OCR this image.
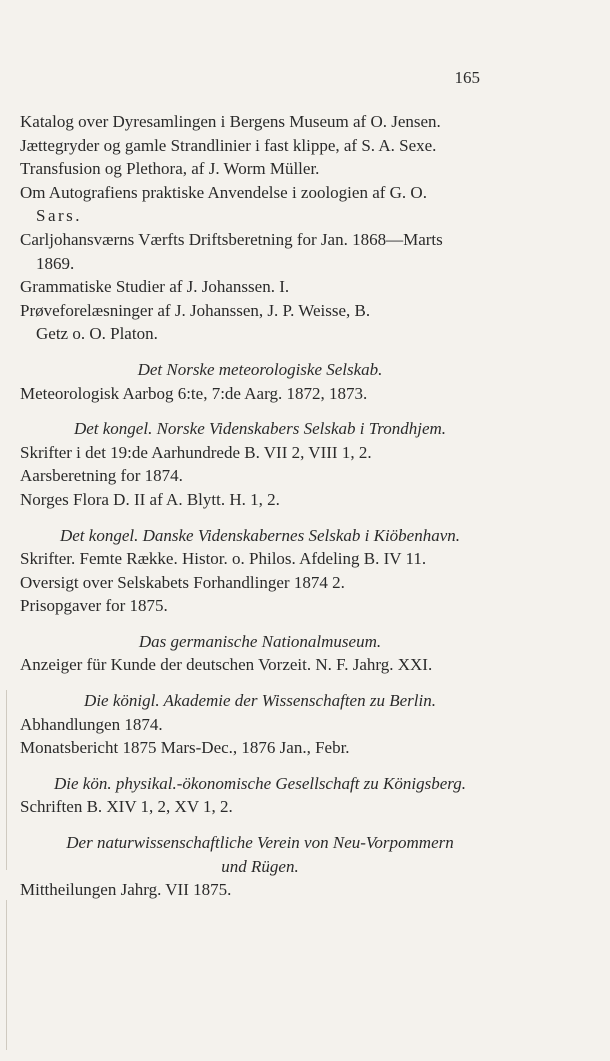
165
Katalog over Dyresamlingen i Bergens Museum af O. Jensen.
Jættegryder og gamle Strandlinier i fast klippe, af S. A. Sexe.
Transfusion og Plethora, af J. Worm Müller.
Om Autografiens praktiske Anvendelse i zoologien af G. O.
Sars.
Carljohansværns Værfts Driftsberetning for Jan. 1868—Marts
1869.
Grammatiske Studier af J. Johanssen. I.
Prøveforelæsninger af J. Johanssen, J. P. Weisse, B.
Getz o. O. Platon.
Det Norske meteorologiske Selskab.
Meteorologisk Aarbog 6:te, 7:de Aarg. 1872, 1873.
Det kongel. Norske Videnskabers Selskab i Trondhjem.
Skrifter i det 19:de Aarhundrede B. VII 2, VIII 1, 2.
Aarsberetning for 1874.
Norges Flora D. II af A. Blytt. H. 1, 2.
Det kongel. Danske Videnskabernes Selskab i Kiöbenhavn.
Skrifter. Femte Række. Histor. o. Philos. Afdeling B. IV 11.
Oversigt over Selskabets Forhandlinger 1874 2.
Prisopgaver for 1875.
Das germanische Nationalmuseum.
Anzeiger für Kunde der deutschen Vorzeit. N. F. Jahrg. XXI.
Die königl. Akademie der Wissenschaften zu Berlin.
Abhandlungen 1874.
Monatsbericht 1875 Mars-Dec., 1876 Jan., Febr.
Die kön. physikal.-ökonomische Gesellschaft zu Königsberg.
Schriften B. XIV 1, 2, XV 1, 2.
Der naturwissenschaftliche Verein von Neu-Vorpommern
und Rügen.
Mittheilungen Jahrg. VII 1875.
